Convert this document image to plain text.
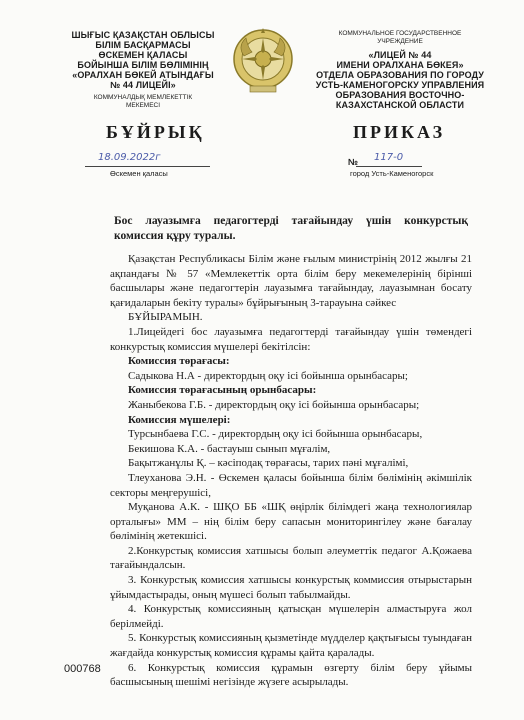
ШЫҒЫС ҚАЗАҚСТАН ОБЛЫСЫ
БІЛІМ БАСҚАРМАСЫ
ӨСКЕМЕН ҚАЛАСЫ
БОЙЫНША БІЛІМ БӨЛІМІНІҢ
«ОРАЛХАН БӨКЕЙ АТЫНДАҒЫ
№ 44 ЛИЦЕЙІ»
КОММУНАЛДЫҚ МЕМЛЕКЕТТІК
МЕКЕМЕСІ
КОММУНАЛЬНОЕ ГОСУДАРСТВЕННОЕ
УЧРЕЖДЕНИЕ
«ЛИЦЕЙ № 44
ИМЕНИ ОРАЛХАНА БӨКЕЯ»
ОТДЕЛА ОБРАЗОВАНИЯ ПО ГОРОДУ
УСТЬ-КАМЕНОГОРСКУ УПРАВЛЕНИЯ
ОБРАЗОВАНИЯ ВОСТОЧНО-
КАЗАХСТАНСКОЙ ОБЛАСТИ
БҰЙРЫҚ	ПРИКАЗ
18.09.2022г
Өскемен қаласы
№ 117-0
город Усть-Каменогорск
Бос лауазымға педагогтерді тағайындау үшін конкурстық комиссия құру туралы.

Қазақстан Республикасы Білім және ғылым министрінің 2012 жылғы 21 ақпандағы № 57 «Мемлекеттік орта білім беру мекемелерінің бірінші басшылары және педагогтерін лауазымға тағайындау, лауазымнан босату қағидаларын бекіту туралы» бұйрығының 3-тарауына сәйкес

БҰЙЫРАМЫН.

1.Лицейдегі бос лауазымға педагогтерді тағайындау үшін төмендегі конкурстық комиссия мүшелері бекітілсін:

Комиссия төрағасы:

Садыкова Н.А - директордың оқу ісі бойынша орынбасары;

Комиссия төрағасының орынбасары:

Жаныбекова Г.Б. - директордың оқу ісі бойынша орынбасары;

Комиссия мүшелері:

Турсынбаева Г.С. - директордың оқу ісі бойынша орынбасары,

Бекишова К.А. - бастауыш сынып мұғалім,

Бақытжанұлы Қ. – кәсіподақ төрағасы, тарих пәні мұғалімі,

Тлеуханова Э.Н. - Өскемен қаласы бойынша білім бөлімінің әкімшілік секторы меңгерушісі,

Муқанова А.К. - ШҚО ББ «ШҚ өңірлік білімдегі жаңа технологиялар орталығы» ММ – нің білім беру сапасын мониторингілеу және бағалау бөлімінің жетекшісі.

2.Конкурстық комиссия хатшысы болып әлеуметтік педагог А.Қожаева тағайындалсын.

3. Конкурстық комиссия хатшысы конкурстық коммиссия отырыстарын ұйымдастырады, оның мүшесі болып табылмайды.

4. Конкурстық комиссияның қатысқан мүшелерін алмастыруға жол берілмейді.

5. Конкурстық комиссияның қызметінде мүдделер қақтығысы туындаған жағдайда конкурстық комиссия құрамы қайта қаралады.

6. Конкурстық комиссия құрамын өзгерту білім беру ұйымы басшысының шешімі негізінде жүзеге асырылады.

000768
